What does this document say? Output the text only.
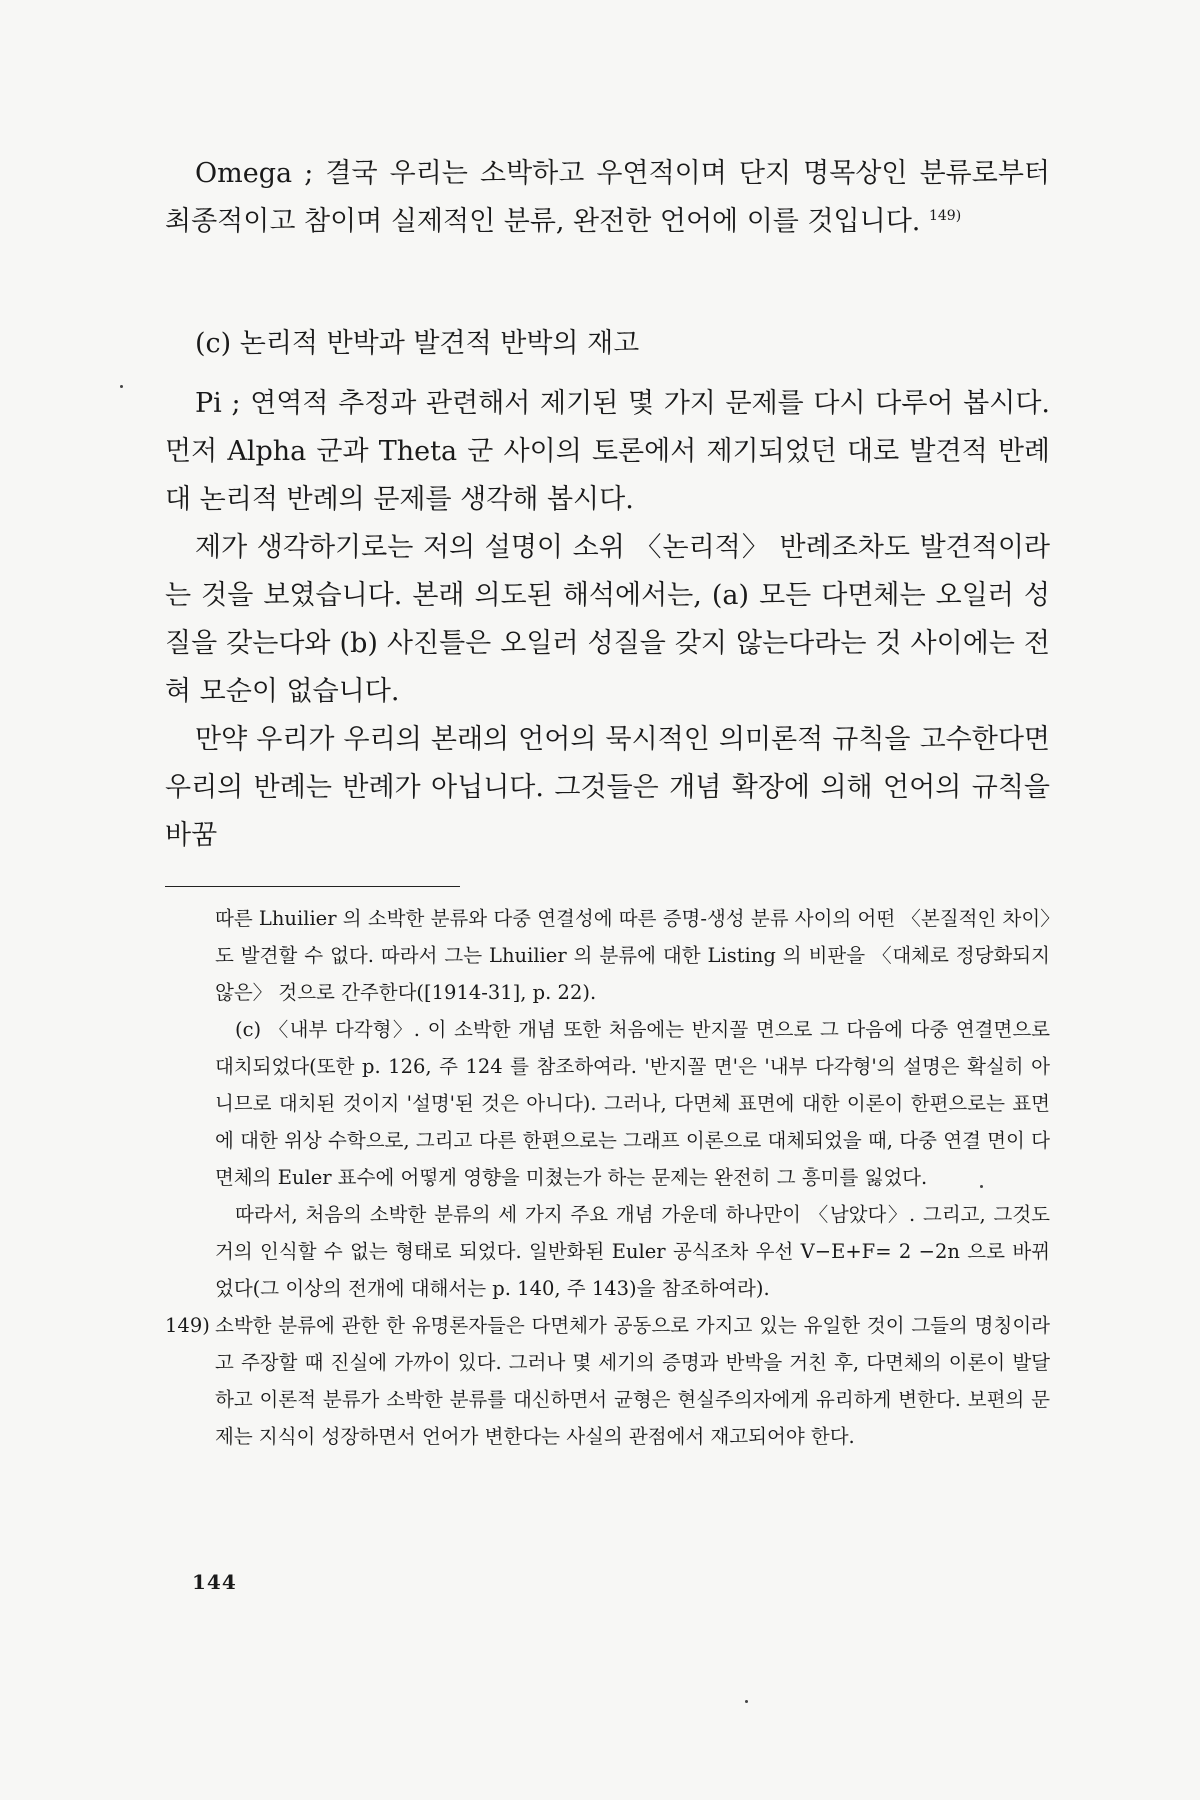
Omega ; 결국 우리는 소박하고 우연적이며 단지 명목상인 분류로부터 최종적이고 참이며 실제적인 분류, 완전한 언어에 이를 것입니다. $^{149)}$

(c) 논리적 반박과 발견적 반박의 재고

Pi ; 연역적 추정과 관련해서 제기된 몇 가지 문제를 다시 다루어 봅시다. 먼저 Alpha 군과 Theta 군 사이의 토론에서 제기되었던 대로 발견적 반례 대 논리적 반례의 문제를 생각해 봅시다.

제가 생각하기로는 저의 설명이 소위 〈논리적〉 반례조차도 발견적이라는 것을 보였습니다. 본래 의도된 해석에서는, (a) 모든 다면체는 오일러 성질을 갖는다와 (b) 사진틀은 오일러 성질을 갖지 않는다라는 것 사이에는 전혀 모순이 없습니다.

만약 우리가 우리의 본래의 언어의 묵시적인 의미론적 규칙을 고수한다면 우리의 반례는 반례가 아닙니다. 그것들은 개념 확장에 의해 언어의 규칙을 바꿈

따른 Lhuilier 의 소박한 분류와 다중 연결성에 따른 증명-생성 분류 사이의 어떤 〈본질적인 차이〉도 발견할 수 없다. 따라서 그는 Lhuilier 의 분류에 대한 Listing 의 비판을 〈대체로 정당화되지 않은〉 것으로 간주한다([1914-31], p. 22).

(c) 〈내부 다각형〉. 이 소박한 개념 또한 처음에는 반지꼴 면으로 그 다음에 다중 연결면으로 대치되었다(또한 p. 126, 주 124 를 참조하여라. '반지꼴 면'은 '내부 다각형'의 설명은 확실히 아니므로 대치된 것이지 '설명'된 것은 아니다). 그러나, 다면체 표면에 대한 이론이 한편으로는 표면에 대한 위상 수학으로, 그리고 다른 한편으로는 그래프 이론으로 대체되었을 때, 다중 연결 면이 다면체의 Euler 표수에 어떻게 영향을 미쳤는가 하는 문제는 완전히 그 흥미를 잃었다.

따라서, 처음의 소박한 분류의 세 가지 주요 개념 가운데 하나만이 〈남았다〉. 그리고, 그것도 거의 인식할 수 없는 형태로 되었다. 일반화된 Euler 공식조차 우선 V−E+F= 2 −2n 으로 바뀌었다(그 이상의 전개에 대해서는 p. 140, 주 143)을 참조하여라).

149) 소박한 분류에 관한 한 유명론자들은 다면체가 공동으로 가지고 있는 유일한 것이 그들의 명칭이라고 주장할 때 진실에 가까이 있다. 그러나 몇 세기의 증명과 반박을 거친 후, 다면체의 이론이 발달하고 이론적 분류가 소박한 분류를 대신하면서 균형은 현실주의자에게 유리하게 변한다. 보편의 문제는 지식이 성장하면서 언어가 변한다는 사실의 관점에서 재고되어야 한다.
144
